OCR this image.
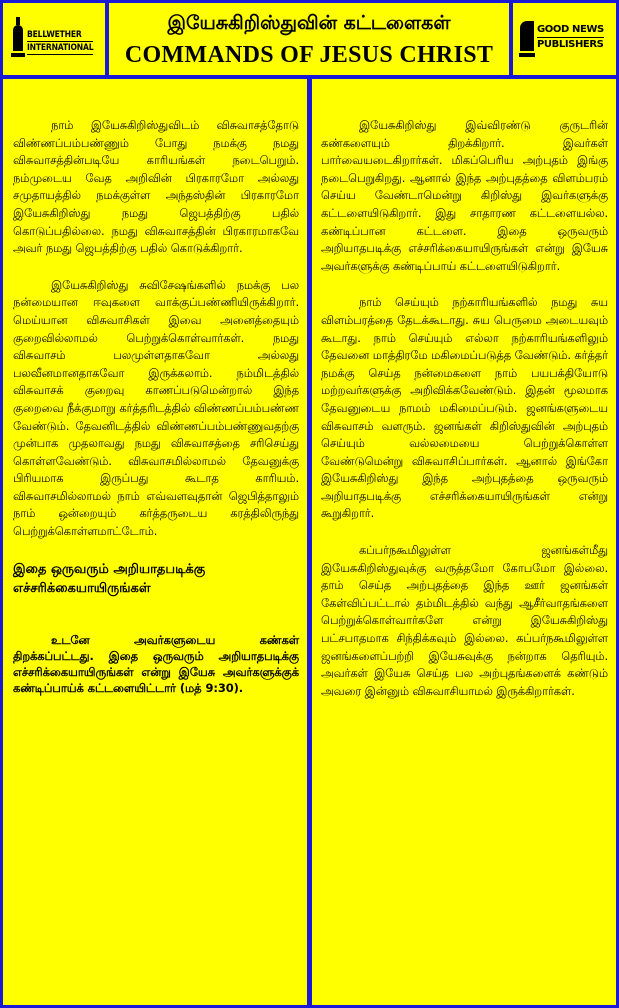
BELLWETHER
INTERNATIONAL
இயேசுகிறிஸ்துவின் கட்டளைகள்
COMMANDS OF JESUS CHRIST
GOOD NEWS
PUBLISHERS

நாம் இயேசுகிறிஸ்துவிடம் விசுவாசத்தோடு விண்ணப்பம்பண்ணும் போது நமக்கு நமது விசுவாசத்தின்படியே காரியங்கள் நடைபெறும். நம்முடைய வேத அறிவின் பிரகாரமோ அல்லது சமுதாயத்தில் நமக்குள்ள அந்தஸ்தின் பிரகாரமோ இயேசுகிறிஸ்து நமது ஜெபத்திற்கு பதில் கொடுப்பதில்லை. நமது விசுவாசத்தின் பிரகாரமாகவே அவர் நமது ஜெபத்திற்கு பதில் கொடுக்கிறார்.

இயேசுகிறிஸ்து சுவிசேஷங்களில் நமக்கு பல நன்மையான ஈவுகளை வாக்குப்பண்ணியிருக்கிறார். மெய்யான விசுவாசிகள் இவை அனைத்தையும் குறைவில்லாமல் பெற்றுக்கொள்வார்கள். நமது விசுவாசம் பலமுள்ளதாகவோ அல்லது பலவீனமானதாகவோ இருக்கலாம். நம்மிடத்தில் விசுவாசக் குறைவு காணப்படுமென்றால் இந்த குறைவை நீக்குமாறு கர்த்தரிடத்தில் விண்ணப்பம்பண்ண வேண்டும். தேவனிடத்தில் விண்ணப்பம்பண்ணுவதற்கு முன்பாக முதலாவது நமது விசுவாசத்தை சரிசெய்து கொள்ளவேண்டும். விசுவாசமில்லாமல் தேவனுக்கு பிரியமாக இருப்பது கூடாத காரியம். விசுவாசமில்லாமல் நாம் எவ்வளவுதான் ஜெபித்தாலும் நாம் ஒன்றையும் கர்த்தருடைய கரத்திலிருந்து பெற்றுக்கொள்ளமாட்டோம்.

இதை ஒருவரும் அறியாதபடிக்கு எச்சரிக்கையாயிருங்கள்

உடனே அவர்களுடைய கண்கள் திறக்கப்பட்டது. இதை ஒருவரும் அறியாதபடிக்கு எச்சரிக்கையாயிருங்கள் என்று இயேசு அவர்களுக்குக் கண்டிப்பாய்க் கட்டளையிட்டார் (மத் 9:30).

இயேசுகிறிஸ்து இவ்விரண்டு குருடரின் கண்களையும் திறக்கிறார். இவர்கள் பார்வையடைகிறார்கள். மிகப்பெரிய அற்புதம் இங்கு நடைபெறுகிறது. ஆனால் இந்த அற்புதத்தை விளம்பரம் செய்ய வேண்டாமென்று கிறிஸ்து இவர்களுக்கு கட்டளையிடுகிறார். இது சாதாரண கட்டளையல்ல. கண்டிப்பான கட்டளை. இதை ஒருவரும் அறியாதபடிக்கு எச்சரிக்கையாயிருங்கள் என்று இயேசு அவர்களுக்கு கண்டிப்பாய் கட்டளையிடுகிறார்.

நாம் செய்யும் நற்காரியங்களில் நமது சுய விளம்பரத்தை தேடக்கூடாது. சுய பெருமை அடையவும் கூடாது. நாம் செய்யும் எல்லா நற்காரியங்களிலும் தேவனை மாத்திரமே மகிமைப்படுத்த வேண்டும். கர்த்தர் நமக்கு செய்த நன்மைகளை நாம் பயபக்தியோடு மற்றவர்களுக்கு அறிவிக்கவேண்டும். இதன் மூலமாக தேவனுடைய நாமம் மகிமைப்படும். ஜனங்களுடைய விசுவாசம் வளரும். ஜனங்கள் கிறிஸ்துவின் அற்புதம் செய்யும் வல்லமையை பெற்றுக்கொள்ள வேண்டுமென்று விசுவாசிப்பார்கள். ஆனால் இங்கோ இயேசுகிறிஸ்து இந்த அற்புதத்தை ஒருவரும் அறியாதபடிக்கு எச்சரிக்கையாயிருங்கள் என்று கூறுகிறார்.

கப்பர்நகூமிலுள்ள ஜனங்கள்மீது இயேசுகிறிஸ்துவுக்கு வருத்தமோ கோபமோ இல்லை. தாம் செய்த அற்புதத்தை இந்த ஊர் ஜனங்கள் கேள்விப்பட்டால் தம்மிடத்தில் வந்து ஆசீர்வாதங்களை பெற்றுக்கொள்வார்களே என்று இயேசுகிறிஸ்து பட்சபாதமாக சிந்திக்கவும் இல்லை. கப்பர்நகூமிலுள்ள ஜனங்களைப்பற்றி இயேசுவுக்கு நன்றாக தெரியும். அவர்கள் இயேசு செய்த பல அற்புதங்களைக் கண்டும் அவரை இன்னும் விசுவாசியாமல் இருக்கிறார்கள்.
